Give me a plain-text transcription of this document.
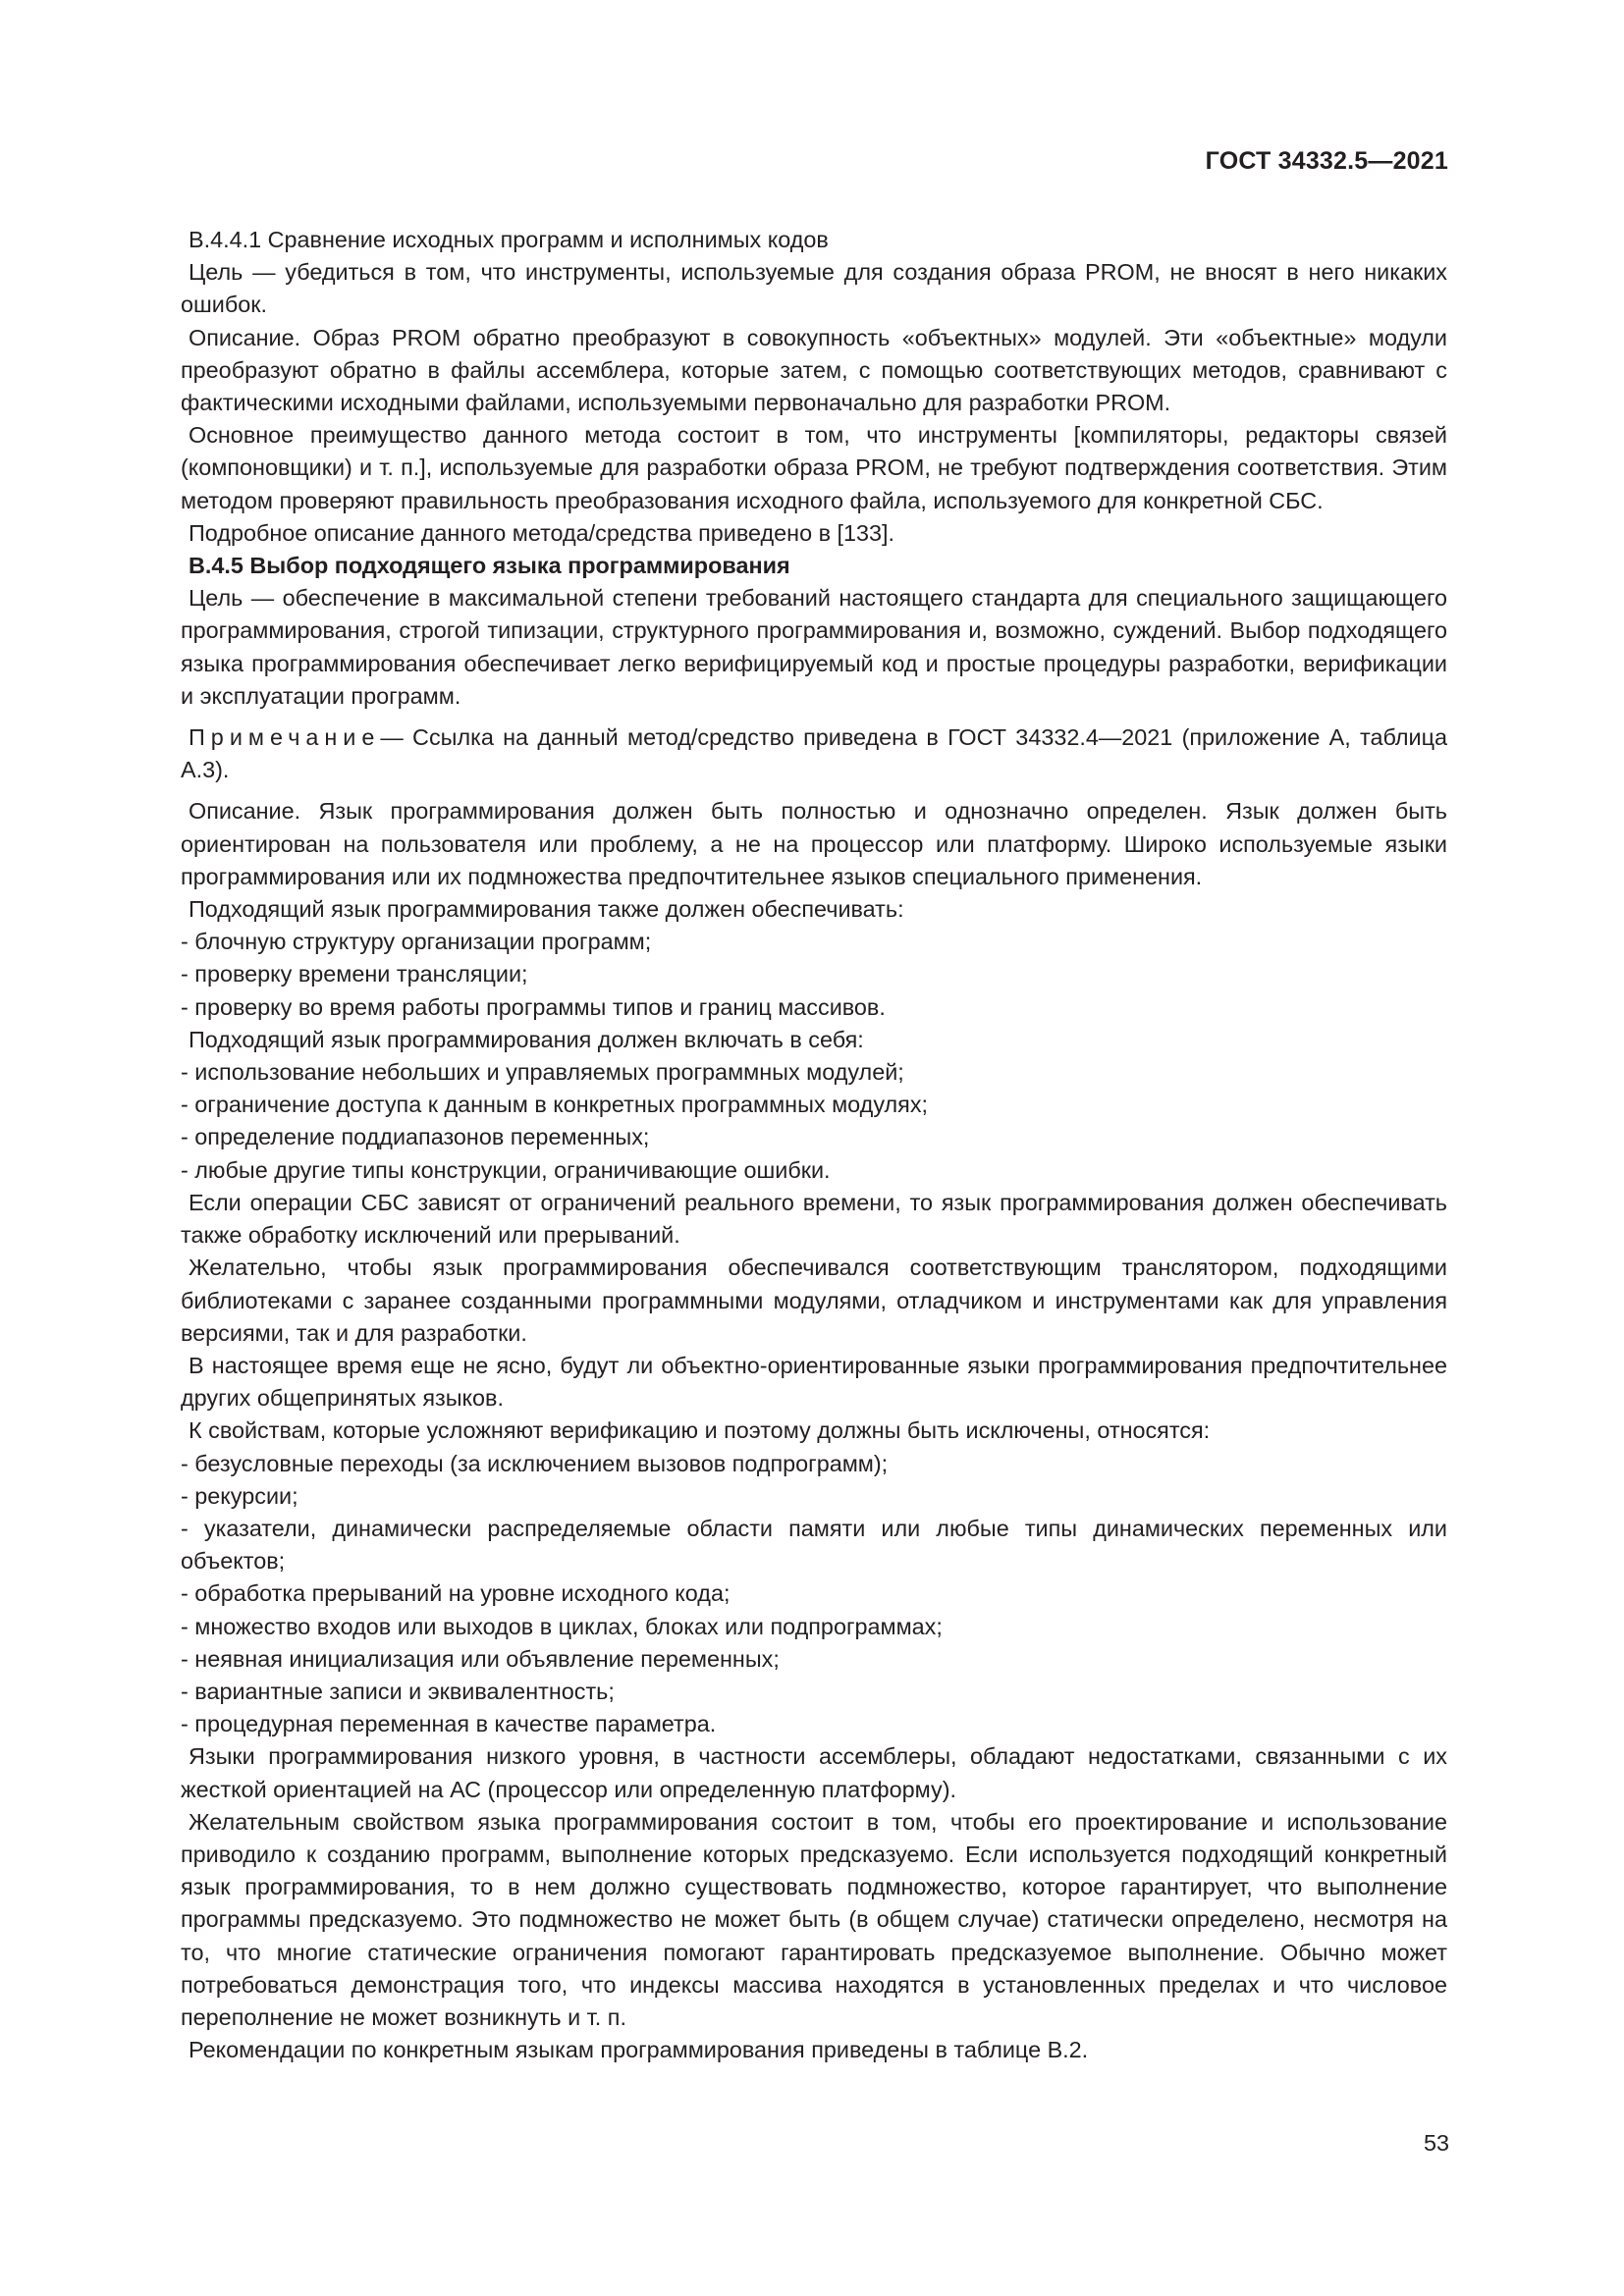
ГОСТ 34332.5—2021

В.4.4.1 Сравнение исходных программ и исполнимых кодов

Цель — убедиться в том, что инструменты, используемые для создания образа PROM, не вносят в него никаких ошибок.

Описание. Образ PROM обратно преобразуют в совокупность «объектных» модулей. Эти «объектные» модули преобразуют обратно в файлы ассемблера, которые затем, с помощью соответствующих методов, сравнивают с фактическими исходными файлами, используемыми первоначально для разработки PROM.

Основное преимущество данного метода состоит в том, что инструменты [компиляторы, редакторы связей (компоновщики) и т. п.], используемые для разработки образа PROM, не требуют подтверждения соответствия. Этим методом проверяют правильность преобразования исходного файла, используемого для конкретной СБС.

Подробное описание данного метода/средства приведено в [133].

В.4.5 Выбор подходящего языка программирования

Цель — обеспечение в максимальной степени требований настоящего стандарта для специального защищающего программирования, строгой типизации, структурного программирования и, возможно, суждений. Выбор подходящего языка программирования обеспечивает легко верифицируемый код и простые процедуры разработки, верификации и эксплуатации программ.

Примечание— Ссылка на данный метод/средство приведена в ГОСТ 34332.4—2021 (приложение А, таблица А.3).

Описание. Язык программирования должен быть полностью и однозначно определен. Язык должен быть ориентирован на пользователя или проблему, а не на процессор или платформу. Широко используемые языки программирования или их подмножества предпочтительнее языков специального применения.

Подходящий язык программирования также должен обеспечивать:

- блочную структуру организации программ;

- проверку времени трансляции;

- проверку во время работы программы типов и границ массивов.

Подходящий язык программирования должен включать в себя:

- использование небольших и управляемых программных модулей;

- ограничение доступа к данным в конкретных программных модулях;

- определение поддиапазонов переменных;

- любые другие типы конструкции, ограничивающие ошибки.

Если операции СБС зависят от ограничений реального времени, то язык программирования должен обеспечивать также обработку исключений или прерываний.

Желательно, чтобы язык программирования обеспечивался соответствующим транслятором, подходящими библиотеками с заранее созданными программными модулями, отладчиком и инструментами как для управления версиями, так и для разработки.

В настоящее время еще не ясно, будут ли объектно-ориентированные языки программирования предпочтительнее других общепринятых языков.

К свойствам, которые усложняют верификацию и поэтому должны быть исключены, относятся:

- безусловные переходы (за исключением вызовов подпрограмм);

- рекурсии;

- указатели, динамически распределяемые области памяти или любые типы динамических переменных или объектов;

- обработка прерываний на уровне исходного кода;

- множество входов или выходов в циклах, блоках или подпрограммах;

- неявная инициализация или объявление переменных;

- вариантные записи и эквивалентность;

- процедурная переменная в качестве параметра.

Языки программирования низкого уровня, в частности ассемблеры, обладают недостатками, связанными с их жесткой ориентацией на АС (процессор или определенную платформу).

Желательным свойством языка программирования состоит в том, чтобы его проектирование и использование приводило к созданию программ, выполнение которых предсказуемо. Если используется подходящий конкретный язык программирования, то в нем должно существовать подмножество, которое гарантирует, что выполнение программы предсказуемо. Это подмножество не может быть (в общем случае) статически определено, несмотря на то, что многие статические ограничения помогают гарантировать предсказуемое выполнение. Обычно может потребоваться демонстрация того, что индексы массива находятся в установленных пределах и что числовое переполнение не может возникнуть и т. п.

Рекомендации по конкретным языкам программирования приведены в таблице В.2.

53
